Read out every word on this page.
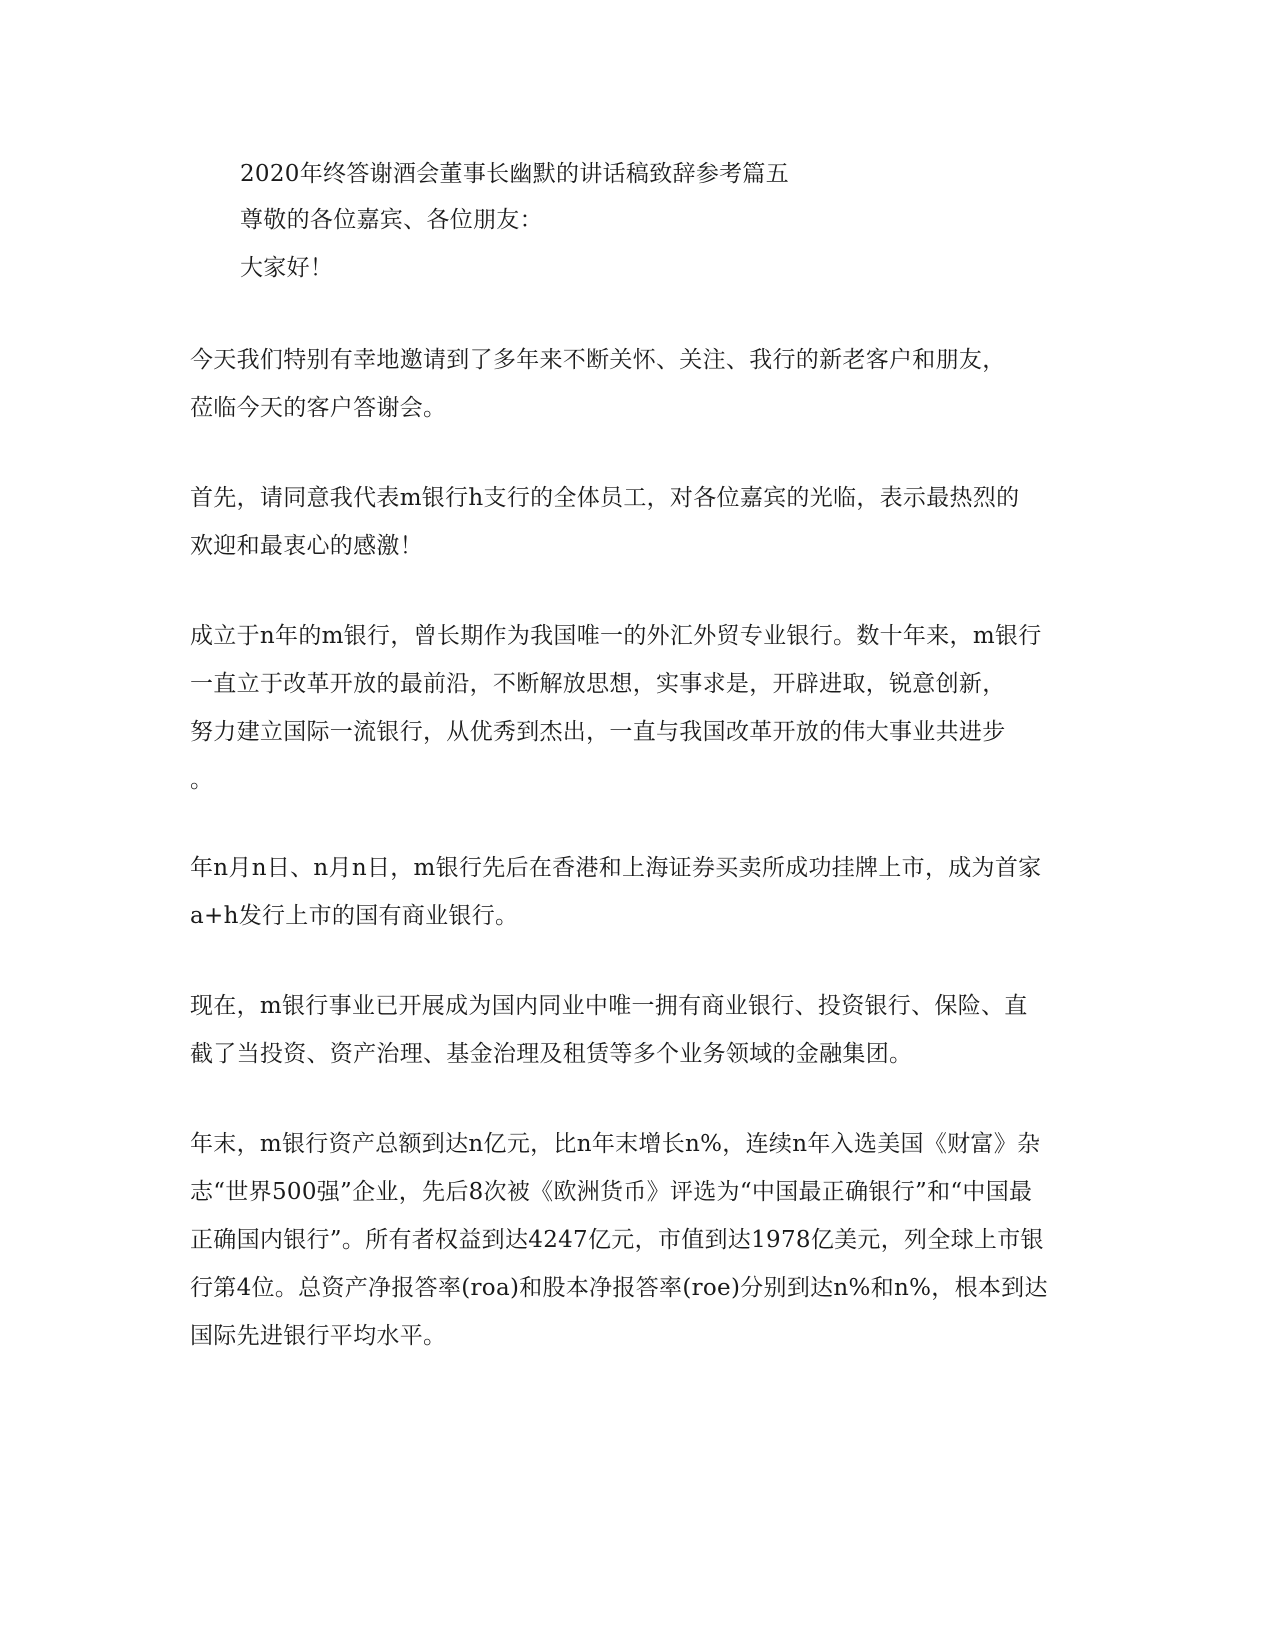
2020年终答谢酒会董事长幽默的讲话稿致辞参考篇五
尊敬的各位嘉宾、各位朋友：
大家好！
今天我们特别有幸地邀请到了多年来不断关怀、关注、我行的新老客户和朋友，
莅临今天的客户答谢会。
首先，请同意我代表m银行h支行的全体员工，对各位嘉宾的光临，表示最热烈的
欢迎和最衷心的感激！
成立于n年的m银行，曾长期作为我国唯一的外汇外贸专业银行。数十年来，m银行
一直立于改革开放的最前沿，不断解放思想，实事求是，开辟进取，锐意创新，
努力建立国际一流银行，从优秀到杰出，一直与我国改革开放的伟大事业共进步
。
年n月n日、n月n日，m银行先后在香港和上海证券买卖所成功挂牌上市，成为首家
a+h发行上市的国有商业银行。
现在，m银行事业已开展成为国内同业中唯一拥有商业银行、投资银行、保险、直
截了当投资、资产治理、基金治理及租赁等多个业务领域的金融集团。
年末，m银行资产总额到达n亿元，比n年末增长n%，连续n年入选美国《财富》杂
志“世界500强”企业，先后8次被《欧洲货币》评选为“中国最正确银行”和“中国最
正确国内银行”。所有者权益到达4247亿元，市值到达1978亿美元，列全球上市银
行第4位。总资产净报答率(roa)和股本净报答率(roe)分别到达n%和n%，根本到达
国际先进银行平均水平。
